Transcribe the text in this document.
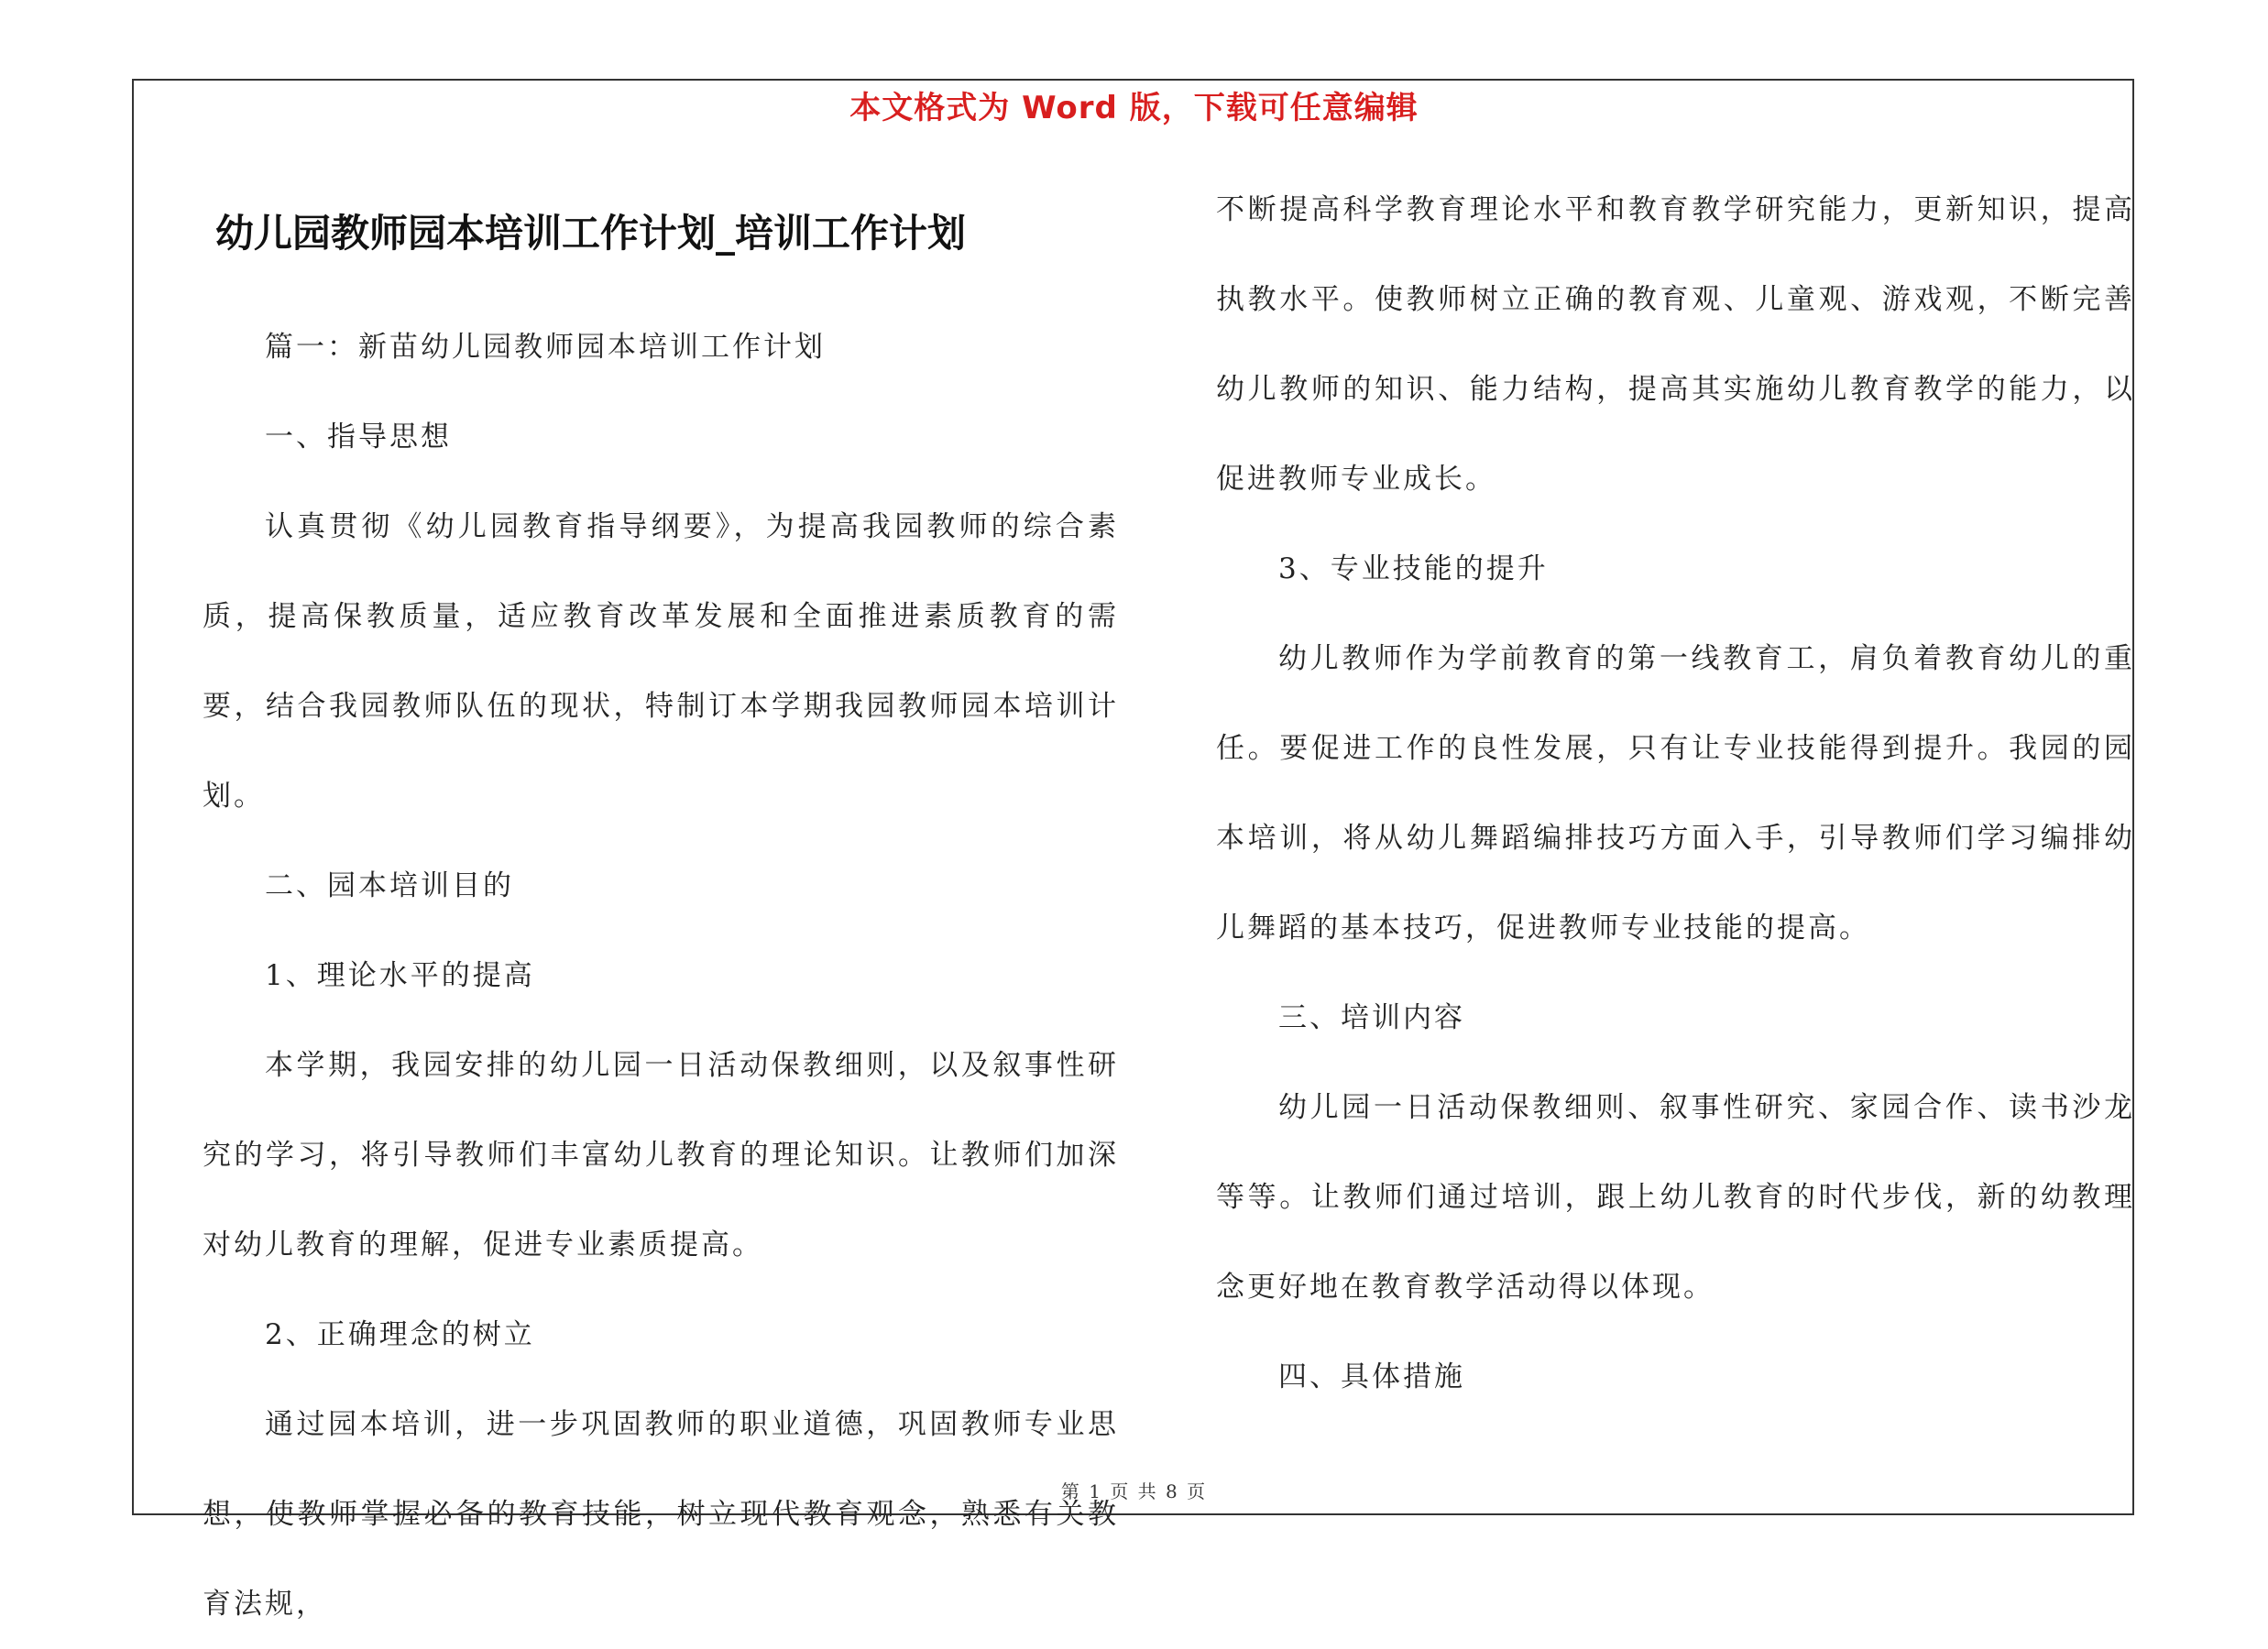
本文格式为 Word 版，下载可任意编辑
幼儿园教师园本培训工作计划_培训工作计划

篇一：新苗幼儿园教师园本培训工作计划

一、指导思想

认真贯彻《幼儿园教育指导纲要》，为提高我园教师的综合素质，提高保教质量，适应教育改革发展和全面推进素质教育的需要，结合我园教师队伍的现状，特制订本学期我园教师园本培训计划。

二、园本培训目的

1、理论水平的提高

本学期，我园安排的幼儿园一日活动保教细则，以及叙事性研究的学习，将引导教师们丰富幼儿教育的理论知识。让教师们加深对幼儿教育的理解，促进专业素质提高。

2、正确理念的树立

通过园本培训，进一步巩固教师的职业道德，巩固教师专业思想，使教师掌握必备的教育技能，树立现代教育观念，熟悉有关教育法规，

不断提高科学教育理论水平和教育教学研究能力，更新知识，提高执教水平。使教师树立正确的教育观、儿童观、游戏观，不断完善幼儿教师的知识、能力结构，提高其实施幼儿教育教学的能力，以促进教师专业成长。

3、专业技能的提升

幼儿教师作为学前教育的第一线教育工，肩负着教育幼儿的重任。要促进工作的良性发展，只有让专业技能得到提升。我园的园本培训，将从幼儿舞蹈编排技巧方面入手，引导教师们学习编排幼儿舞蹈的基本技巧，促进教师专业技能的提高。

三、培训内容

幼儿园一日活动保教细则、叙事性研究、家园合作、读书沙龙等等。让教师们通过培训，跟上幼儿教育的时代步伐，新的幼教理念更好地在教育教学活动得以体现。

四、具体措施

第 1 页 共 8 页
